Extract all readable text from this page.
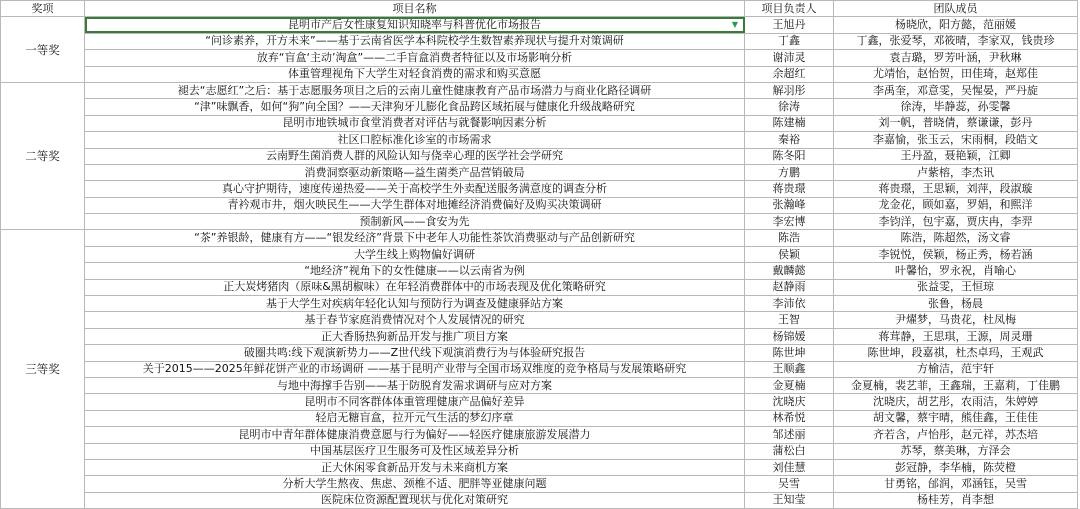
奖项	项目名称	项目负责人	团队成员
一等奖	昆明市产后女性康复知识知晓率与科普优化市场报告 ▼	王旭丹	杨晓欣，阳方懿，范丽媛
	“问诊素养，开方未来”——基于云南省医学本科院校学生数智素养现状与提升对策调研	丁鑫	丁鑫，张爱琴，邓筱晴，李家双，钱贵珍
	放弃“盲盒‘主动’淘盒”——二手盲盒消费者特征以及市场影响分析	谢沛灵	袁吉璐，罗芳叶涵，尹秋琳
	体重管理视角下大学生对轻食消费的需求和购买意愿	余超红	尤靖怡，赵怡贺，田佳琦，赵郑佳
二等奖	褪去“志愿红”之后：基于志愿服务项目之后的云南儿童性健康教育产品市场潜力与商业化路径调研	解羽彤	李禹奎，邓意雯，吴惺晏，严丹旋
	“津”味飘香，如何“狗”向全国？——天津狗牙儿膨化食品跨区域拓展与健康化升级战略研究	徐涛	徐涛，毕静蕊，孙雯馨
	昆明市地铁城市食堂消费者对评估与就餐影响因素分析	陈建楠	刘一帆，普晓倩，蔡谦谦，彭丹
	社区口腔标准化诊室的市场需求	秦裕	李嘉愉，张玉云，宋雨桐，段皓文
	云南野生菌消费人群的风险认知与侥幸心理的医学社会学研究	陈冬阳	王丹盈，聂艳颖，江卿
	消费洞察驱动新策略—益生菌类产品营销破局	方鹏	卢紫榕，李杰讯
	真心守护期待，速度传递热爱——关于高校学生外卖配送服务满意度的调查分析	蒋贵璟	蒋贵璟，王思颖，刘萍，段淑璇
	青衿观市井，烟火映民生——大学生群体对地摊经济消费偏好及购买决策调研	张瀚峰	龙金花，顾如嘉，罗娟，和熙洋
	预制新风——食安为先	李宏博	李钧洋，包宇嘉，贾庆冉，李羿
三等奖	“茶”养银龄，健康有方——“银发经济”背景下中老年人功能性茶饮消费驱动与产品创新研究	陈浩	陈浩，陈超然，汤文睿
	大学生线上购物偏好调研	侯颖	李锐悦，侯颖，杨正秀，杨若涵
	“地经济”视角下的女性健康——以云南省为例	戴麟懿	叶馨怡，罗永祝，肖喻心
	正大炭烤猪肉（原味&黑胡椒味）在年轻消费群体中的市场表现及优化策略研究	赵静雨	张益雯，王恒琼
	基于大学生对疾病年轻化认知与预防行为调查及健康驿站方案	李沛依	张鲁，杨晨
	基于春节家庭消费情况对个人发展情况的研究	王智	尹燿梦，马贵花，杜凤梅
	正大香肠热狗新品开发与推广项目方案	杨锦媛	蒋茸静，王思琪，王源，周灵珊
	破圈共鸣:线下观演新势力——Z世代线下观演消费行为与体验研究报告	陈世坤	陈世坤，段嘉祺，杜杰卓玛，王观武
	关于2015——2025年鲜花饼产业的市场调研 ——基于昆明产业带与全国市场双维度的竞争格局与发展策略研究	王顺鑫	方榆洁，范宇轩
	与地中海撑手告别——基于防脱育发需求调研与应对方案	金夏楠	金夏楠，裴艺菲，王鑫瑞，王嘉莉，丁佳鹏
	昆明市不同客群体体重管理健康产品偏好差异	沈晓庆	沈晓庆，胡艺彤，农雨洁，朱婷婷
	轻启无糖盲盒，拉开元气生活的梦幻序章	林希悦	胡文馨，蔡宇晴，熊佳鑫，王佳佳
	昆明市中青年群体健康消费意愿与行为偏好——轻医疗健康旅游发展潜力	邹述丽	齐若含，卢怡彤，赵元祥，苏杰培
	中国基层医疗卫生服务可及性区域差异分析	蒲松白	苏琴，蔡美琳，方泽会
	正大休闲零食新品开发与未来商机方案	刘佳慧	彭冠静，李华楠，陈荧橙
	分析大学生熬夜、焦虑、颈椎不适、肥胖等亚健康问题	吴雪	甘勇铭，邰润，邓涵钰，吴雪
	医院床位资源配置现状与优化对策研究	王知莹	杨桂芳，肖李想
